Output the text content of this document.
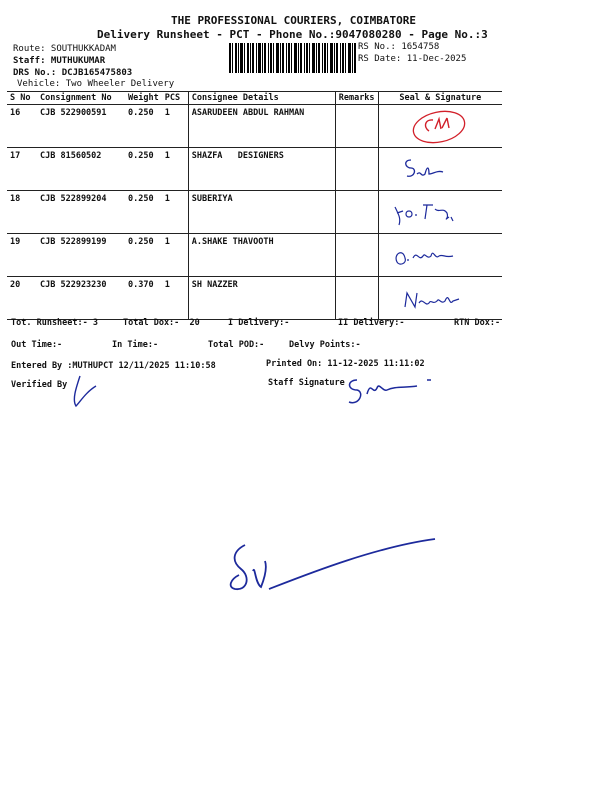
THE PROFESSIONAL COURIERS, COIMBATORE
Delivery Runsheet - PCT - Phone No.:9047080280 - Page No.:3
Route: SOUTHUKKADAM
Staff: MUTHUKUMAR
DRS No.: DCJB165475803
Vehicle: Two Wheeler Delivery
RS No.: 1654758
RS Date: 11-Dec-2025
S No	Consignment No	Weight	PCS	Consignee Details	Remarks	Seal & Signature
16	CJB 522900591	0.250	1	ASARUDEEN ABDUL RAHMAN		

17	CJB 81560502	0.250	1	SHAZFA   DESIGNERS		

18	CJB 522899204	0.250	1	SUBERIYA		

19	CJB 522899199	0.250	1	A.SHAKE THAVOOTH		

20	CJB 522923230	0.370	1	SH NAZZER		
Tot. Runsheet:- 3	Total Dox:-  20	I Delivery:-	II Delivery:-	RTN Dox:-
Out Time:-	In Time:-	Total POD:-	Delvy Points:-
Entered By :MUTHUPCT 12/11/2025 11:10:58	Printed On: 11-12-2025 11:11:02
Verified By	Staff Signature
